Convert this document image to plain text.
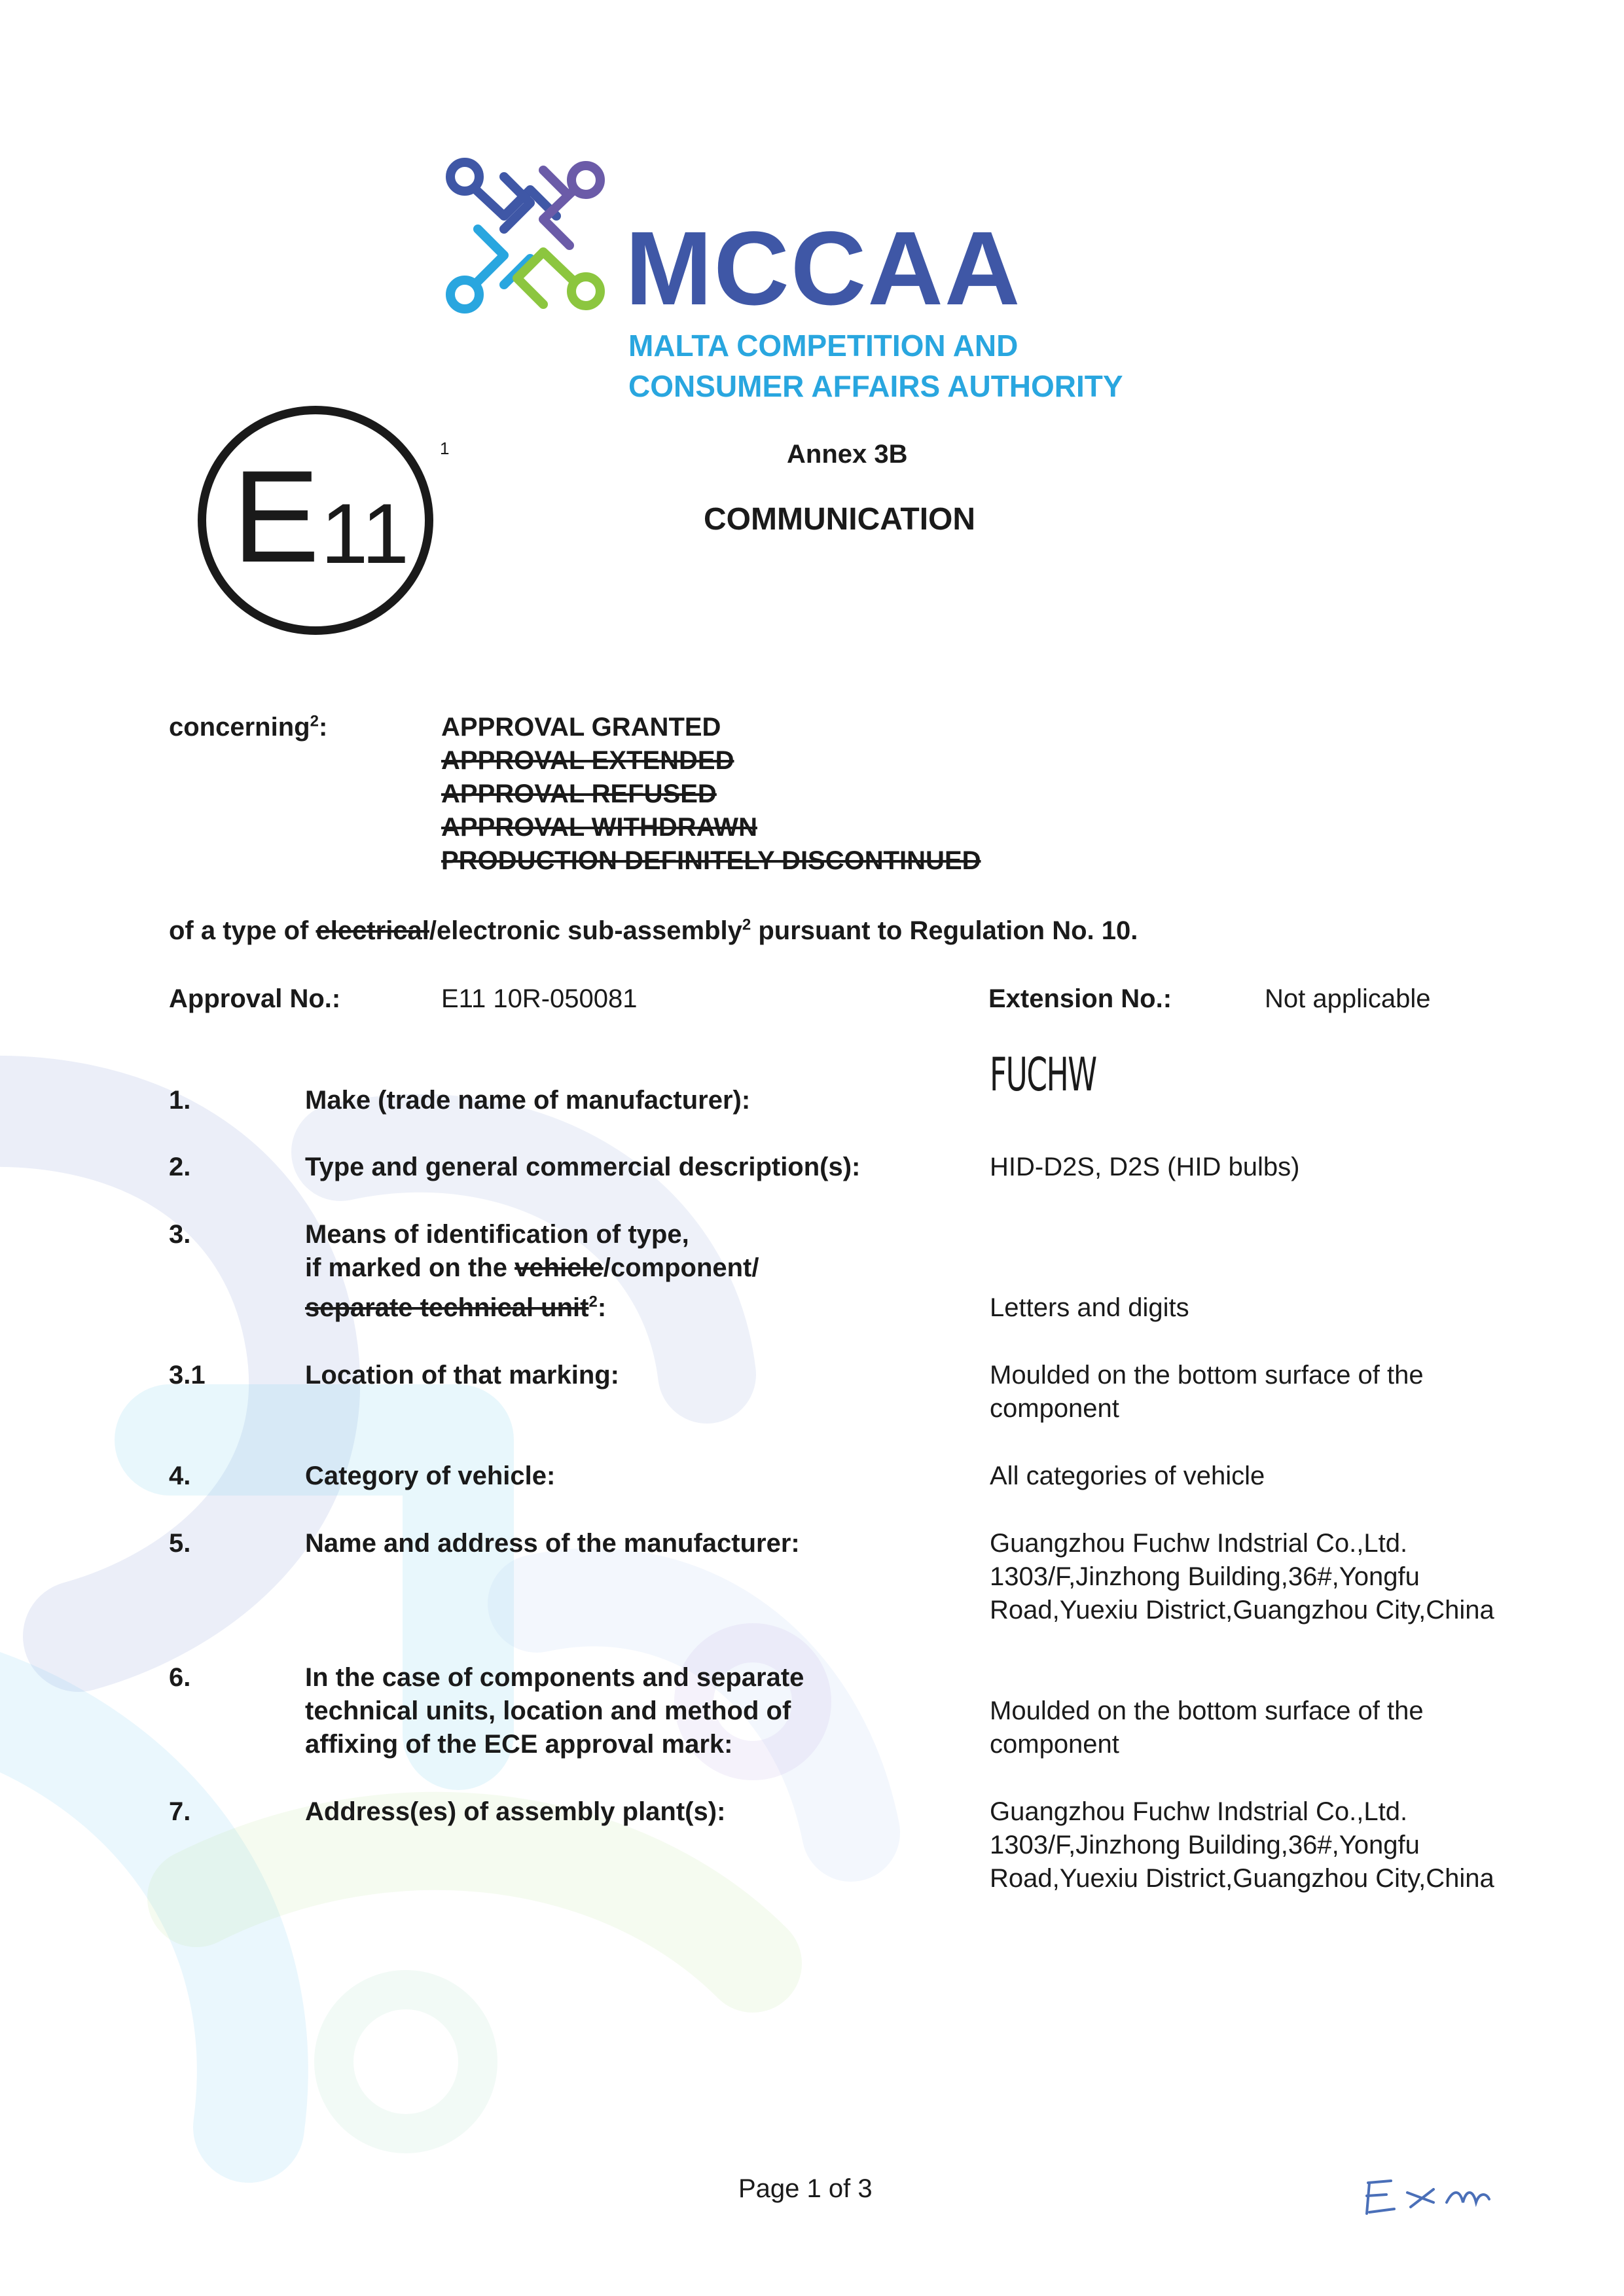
MCCAA
MALTA COMPETITION AND
CONSUMER AFFAIRS AUTHORITY
E 11
1	Annex 3B
COMMUNICATION
concerning$^2$:	APPROVAL GRANTED
APPROVAL EXTENDED
APPROVAL REFUSED
APPROVAL WITHDRAWN
PRODUCTION DEFINITELY DISCONTINUED
of a type of electrical/electronic sub-assembly$^2$ pursuant to Regulation No. 10.
Approval No.:	E11 10R-050081	Extension No.:	Not applicable
1.	Make (trade name of manufacturer):	FUCHW
2.	Type and general commercial description(s):	HID-D2S, D2S (HID bulbs)
3.	Means of identification of type,
if marked on the vehicle/component/
separate technical unit$^2$:	Letters and digits
3.1	Location of that marking:	Moulded on the bottom surface of the
component
4.	Category of vehicle:	All categories of vehicle
5.	Name and address of the manufacturer:	Guangzhou Fuchw Indstrial Co.,Ltd.
1303/F,Jinzhong Building,36#,Yongfu
Road,Yuexiu District,Guangzhou City,China
6.	In the case of components and separate
technical units, location and method of
affixing of the ECE approval mark:
Moulded on the bottom surface of the
component
7.	Address(es) of assembly plant(s):	Guangzhou Fuchw Indstrial Co.,Ltd.
1303/F,Jinzhong Building,36#,Yongfu
Road,Yuexiu District,Guangzhou City,China
Page 1 of 3
